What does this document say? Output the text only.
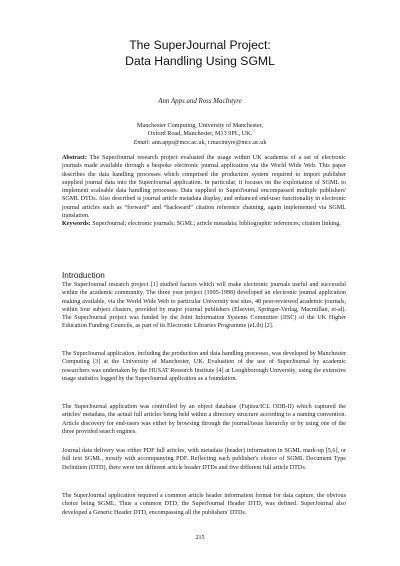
The SuperJournal Project:
Data Handling Using SGML
Ann Apps and Ross MacIntyre
Manchester Computing, University of Manchester,
Oxford Road, Manchester, M13 9PL, UK.
Email: ann.apps@mcc.ac.uk, r.macintyre@mcc.ac.uk
Abstract: The SuperJournal research project evaluated the usage within UK academia of a set of electronic journals made available through a bespoke electronic journal application via the World Wide Web. This paper describes the data handling processes which comprised the production system required to import publisher supplied journal data into the SuperJournal application. In particular, it focuses on the exploitation of SGML to implement scaleable data handling processes. Data supplied to SuperJournal encompassed multiple publishers' SGML DTDs. Also described is journal article metadata display, and enhanced end-user functionality in electronic journal articles such as “forward” and “backward” citation reference chaining, again implemented via SGML translation.
Keywords: SuperJournal; electronic journals; SGML; article metadata; bibliographic references; citation linking.
Introduction
The SuperJournal research project [1] studied factors which will make electronic journals useful and successful within the academic community. The three year project (1995-1998) developed an electronic journal application making available, via the World Wide Web to particular University test sites, 48 peer-reviewed academic journals, within four subject clusters, provided by major journal publishers (Elsevier, Springer-Verlag, Macmillan, et-al). The SuperJournal project was funded by the Joint Information Systems Committee (JISC) of the UK Higher Education Funding Councils, as part of its Electronic Libraries Programme (eLib) [2].
The SuperJournal application, including the production and data handling processes, was developed by Manchester Computing [3] at the University of Manchester, UK. Evaluation of the use of SuperJournal by academic researchers was undertaken by the HUSAT Research Institute [4] at Loughborough University, using the extensive usage statistics logged by the SuperJournal application as a foundation.
The SuperJournal application was controlled by an object database (Fujitsu/ICL ODB-II) which captured the articles' metadata, the actual full articles being held within a directory structure according to a naming convention. Article discovery for end-users was either by browsing through the journal/issue hierarchy or by using one of the three provided search engines.
Journal data delivery was either PDF full articles, with metadata (header) information in SGML mark-up [5,6], or full text SGML, mostly with accompanying PDF. Reflecting each publisher's choice of SGML Document Type Definition (DTD), there were ten different article header DTDs and five different full article DTDs.
The SuperJournal application required a common article header information format for data capture, the obvious choice being SGML. Thus a common DTD, the SuperJournal Header DTD, was defined. SuperJournal also developed a Generic Header DTD, encompassing all the publishers' DTDs.
215
